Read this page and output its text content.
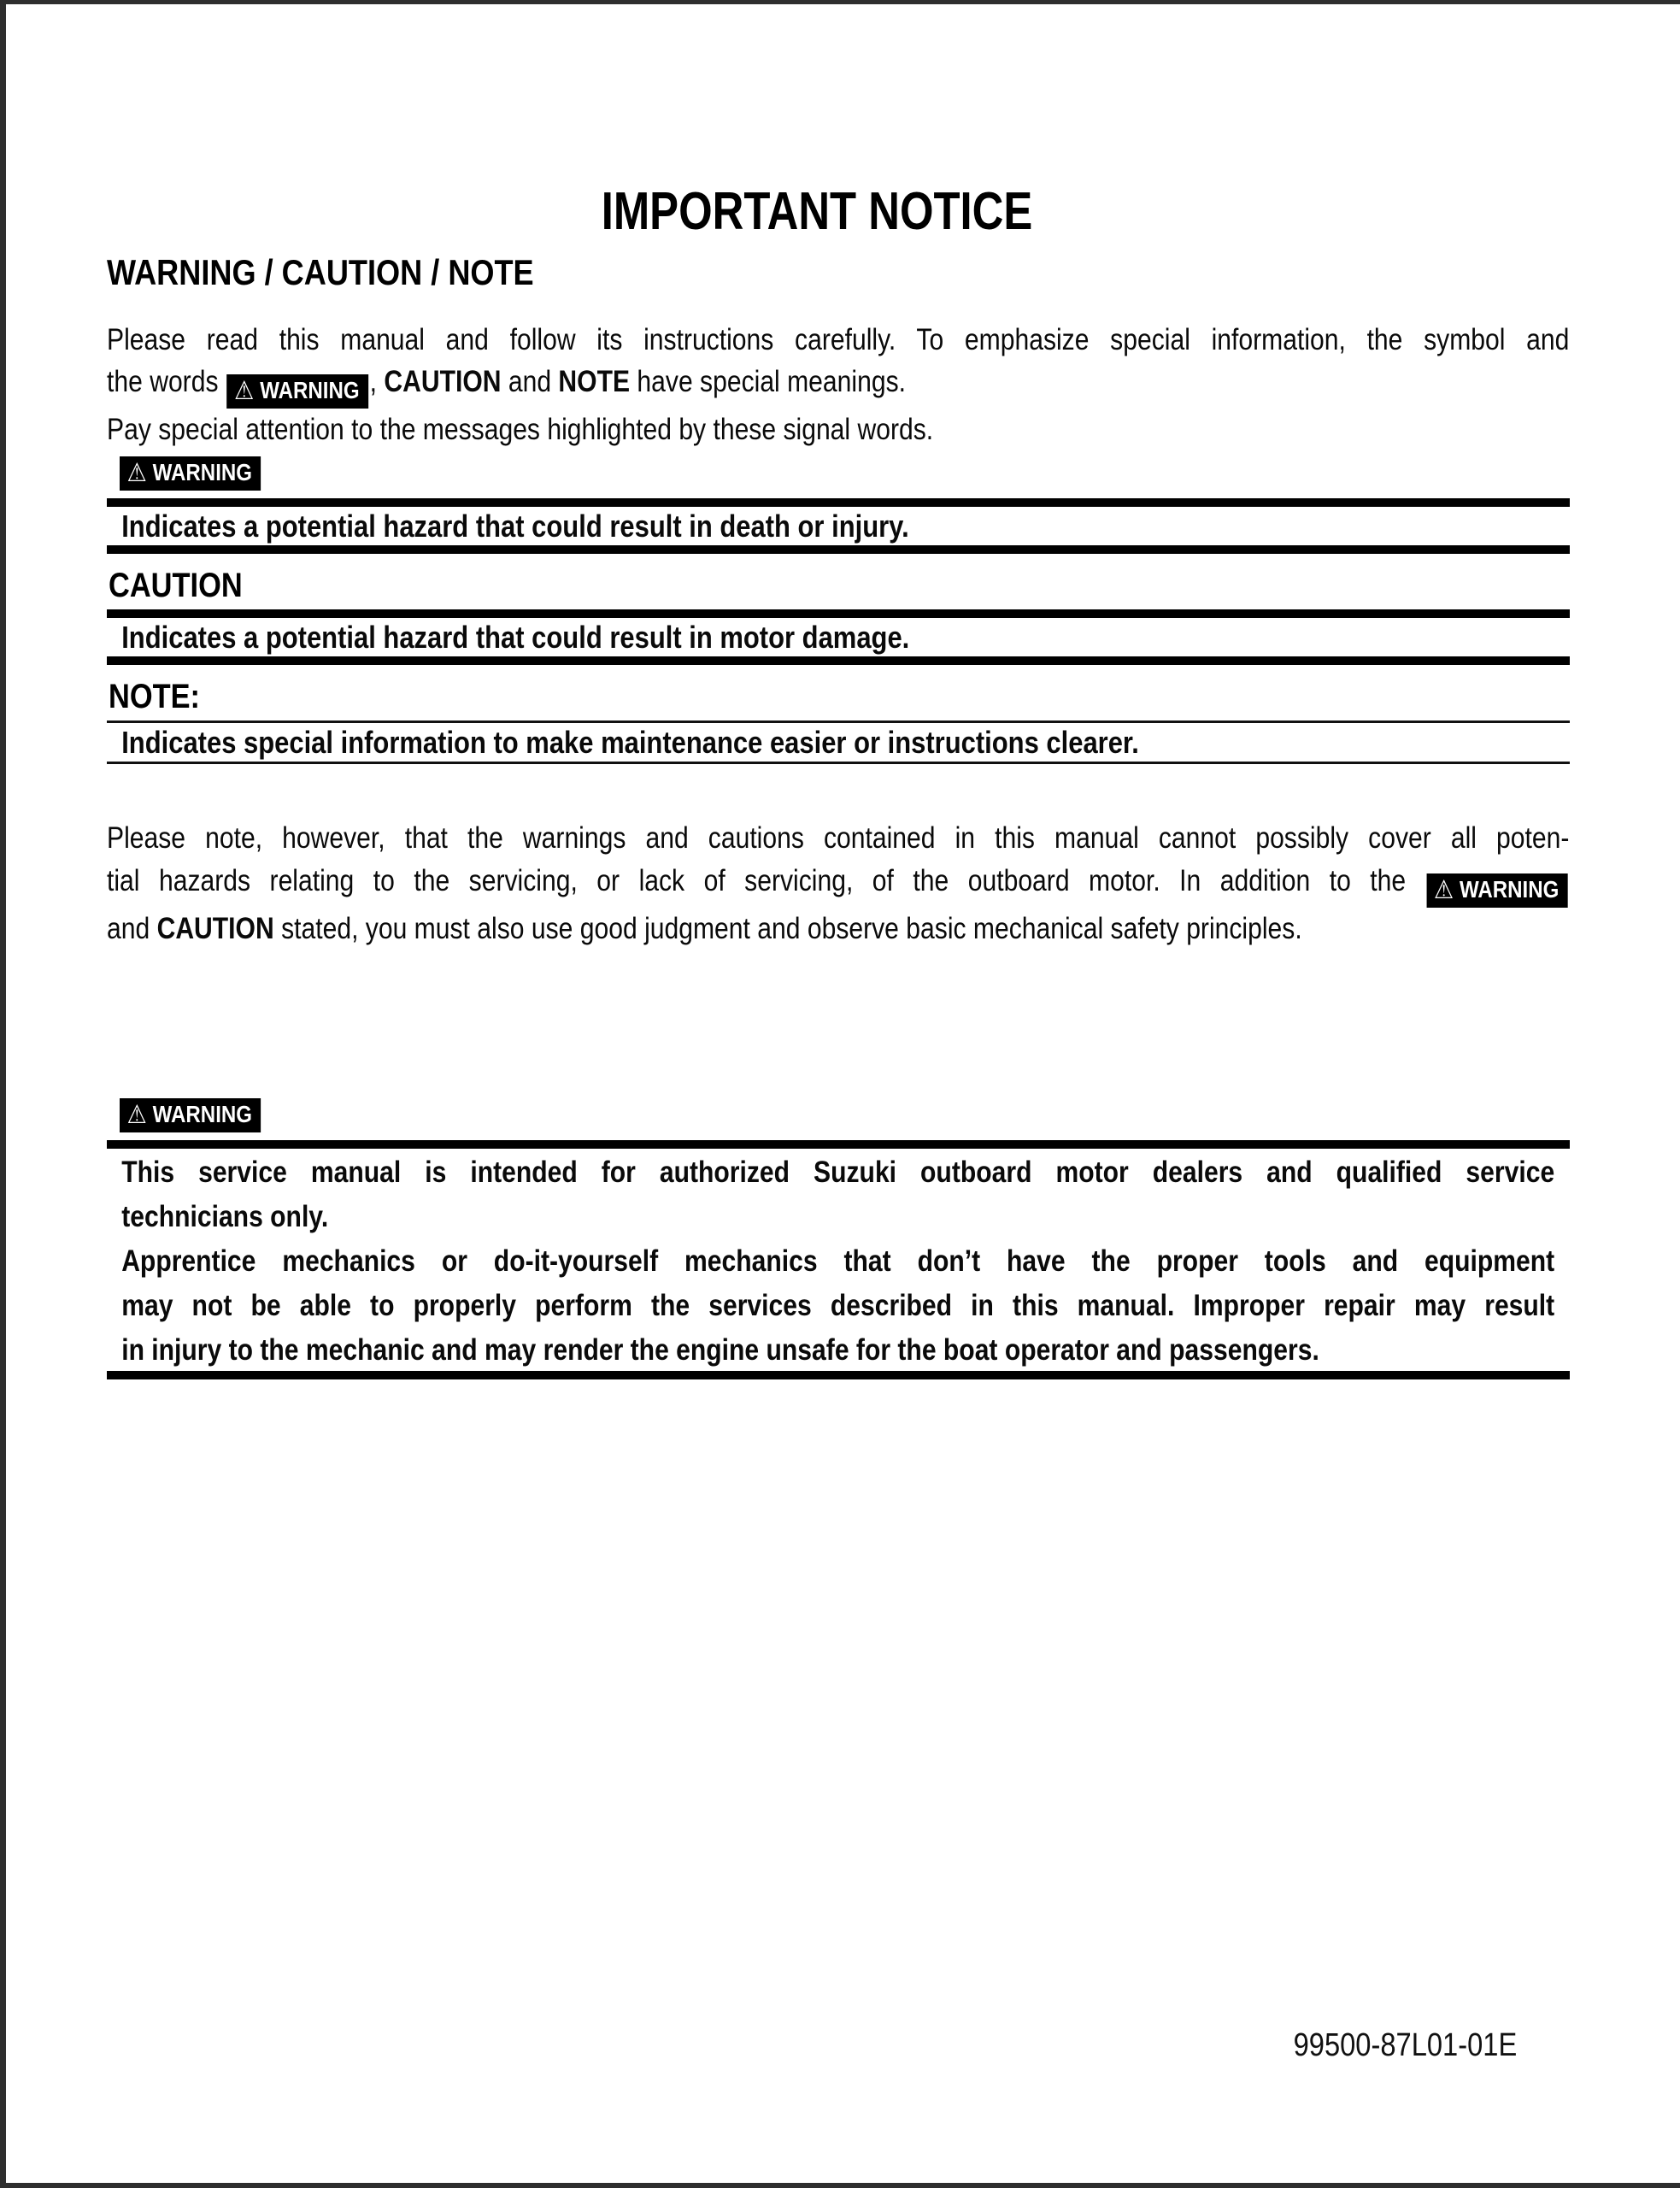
IMPORTANT NOTICE
WARNING / CAUTION / NOTE
Please read this manual and follow its instructions carefully. To emphasize special information, the symbol and
the words ⚠ WARNING , CAUTION and NOTE have special meanings.
Pay special attention to the messages highlighted by these signal words.
⚠ WARNING
Indicates a potential hazard that could result in death or injury.
CAUTION
Indicates a potential hazard that could result in motor damage.
NOTE:
Indicates special information to make maintenance easier or instructions clearer.
Please note, however, that the warnings and cautions contained in this manual cannot possibly cover all poten-
tial hazards relating to the servicing, or lack of servicing, of the outboard motor. In addition to the ⚠ WARNING
and CAUTION stated, you must also use good judgment and observe basic mechanical safety principles.
⚠ WARNING
This service manual is intended for authorized Suzuki outboard motor dealers and qualified service
technicians only.
Apprentice mechanics or do-it-yourself mechanics that don’t have the proper tools and equipment
may not be able to properly perform the services described in this manual. Improper repair may result
in injury to the mechanic and may render the engine unsafe for the boat operator and passengers.
99500-87L01-01E
